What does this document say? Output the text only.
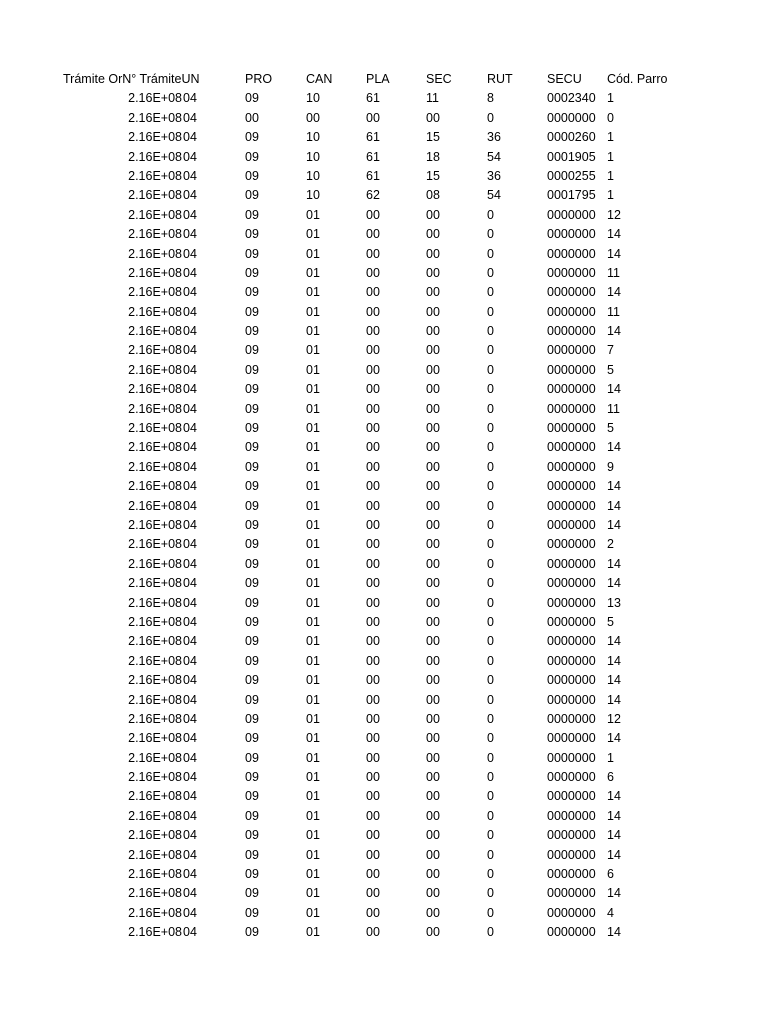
Trámite OrN° TrámiteUN	PRO	CAN	PLA	SEC	RUT	SECU	Cód. Parro
2.16E+08 04	09	10	61	11	8	0002340 1
2.16E+08 04	00	00	00	00	0	0000000 0
2.16E+08 04	09	10	61	15	36	0000260 1
2.16E+08 04	09	10	61	18	54	0001905 1
2.16E+08 04	09	10	61	15	36	0000255 1
2.16E+08 04	09	10	62	08	54	0001795 1
2.16E+08 04	09	01	00	00	0	0000000 12
2.16E+08 04	09	01	00	00	0	0000000 14
2.16E+08 04	09	01	00	00	0	0000000 14
2.16E+08 04	09	01	00	00	0	0000000 11
2.16E+08 04	09	01	00	00	0	0000000 14
2.16E+08 04	09	01	00	00	0	0000000 11
2.16E+08 04	09	01	00	00	0	0000000 14
2.16E+08 04	09	01	00	00	0	0000000 7
2.16E+08 04	09	01	00	00	0	0000000 5
2.16E+08 04	09	01	00	00	0	0000000 14
2.16E+08 04	09	01	00	00	0	0000000 11
2.16E+08 04	09	01	00	00	0	0000000 5
2.16E+08 04	09	01	00	00	0	0000000 14
2.16E+08 04	09	01	00	00	0	0000000 9
2.16E+08 04	09	01	00	00	0	0000000 14
2.16E+08 04	09	01	00	00	0	0000000 14
2.16E+08 04	09	01	00	00	0	0000000 14
2.16E+08 04	09	01	00	00	0	0000000 2
2.16E+08 04	09	01	00	00	0	0000000 14
2.16E+08 04	09	01	00	00	0	0000000 14
2.16E+08 04	09	01	00	00	0	0000000 13
2.16E+08 04	09	01	00	00	0	0000000 5
2.16E+08 04	09	01	00	00	0	0000000 14
2.16E+08 04	09	01	00	00	0	0000000 14
2.16E+08 04	09	01	00	00	0	0000000 14
2.16E+08 04	09	01	00	00	0	0000000 14
2.16E+08 04	09	01	00	00	0	0000000 12
2.16E+08 04	09	01	00	00	0	0000000 14
2.16E+08 04	09	01	00	00	0	0000000 1
2.16E+08 04	09	01	00	00	0	0000000 6
2.16E+08 04	09	01	00	00	0	0000000 14
2.16E+08 04	09	01	00	00	0	0000000 14
2.16E+08 04	09	01	00	00	0	0000000 14
2.16E+08 04	09	01	00	00	0	0000000 14
2.16E+08 04	09	01	00	00	0	0000000 6
2.16E+08 04	09	01	00	00	0	0000000 14
2.16E+08 04	09	01	00	00	0	0000000 4
2.16E+08 04	09	01	00	00	0	0000000 14
